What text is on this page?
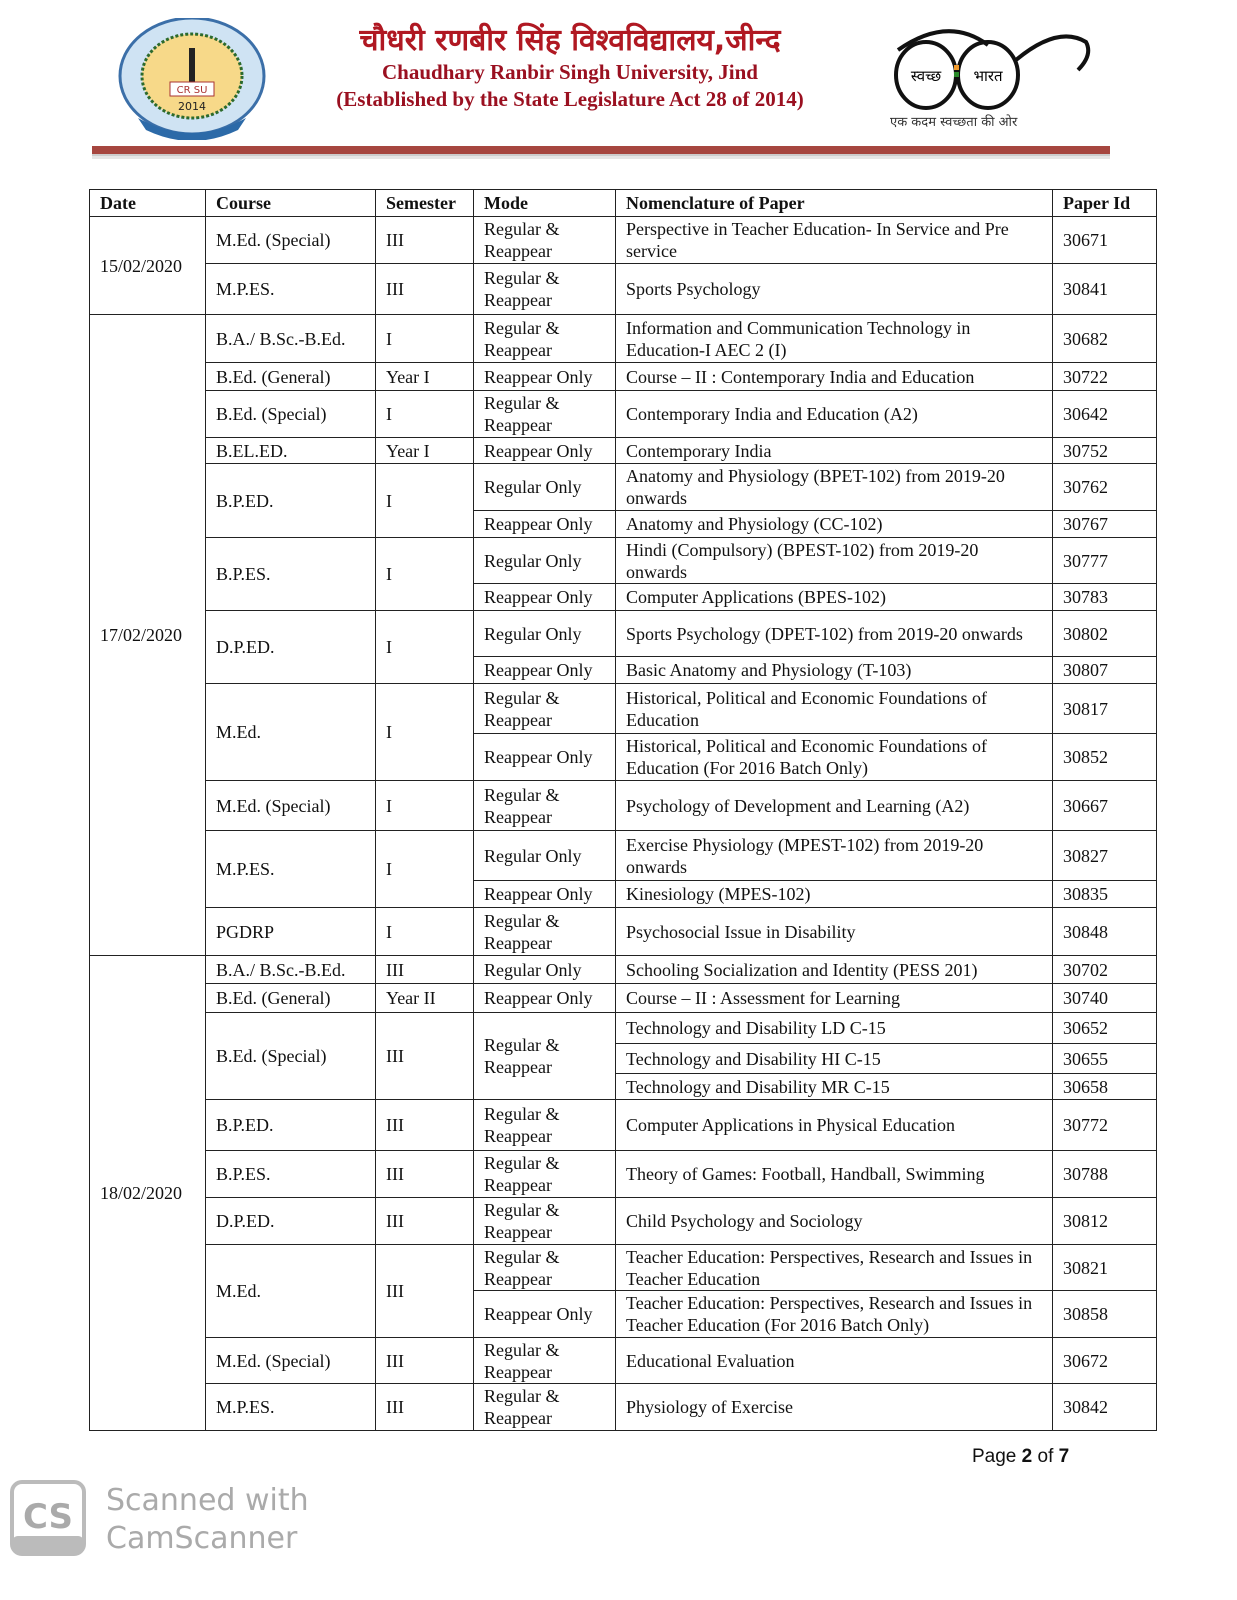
CR SU
2014
चौधरी रणबीर सिंह विश्वविद्यालय,जीन्द
Chaudhary Ranbir Singh University, Jind
(Established by the State Legislature Act 28 of 2014)
स्वच्छ भारत
एक कदम स्वच्छता की ओर
Date	Course	Semester	Mode	Nomenclature of Paper	Paper Id
15/02/2020	M.Ed. (Special)	III	Regular & Reappear	Perspective in Teacher Education- In Service and Pre service	30671
	M.P.ES.	III	Regular & Reappear	Sports Psychology	30841
17/02/2020	B.A./ B.Sc.-B.Ed.	I	Regular & Reappear	Information and Communication Technology in Education-I AEC 2 (I)	30682
	B.Ed. (General)	Year I	Reappear Only	Course – II : Contemporary India and Education	30722
	B.Ed. (Special)	I	Regular & Reappear	Contemporary India and Education (A2)	30642
	B.EL.ED.	Year I	Reappear Only	Contemporary India	30752
	B.P.ED.	I	Regular Only	Anatomy and Physiology (BPET-102) from 2019-20 onwards	30762
			Reappear Only	Anatomy and Physiology (CC-102)	30767
	B.P.ES.	I	Regular Only	Hindi (Compulsory) (BPEST-102) from 2019-20 onwards	30777
			Reappear Only	Computer Applications (BPES-102)	30783
	D.P.ED.	I	Regular Only	Sports Psychology (DPET-102) from 2019-20 onwards	30802
			Reappear Only	Basic Anatomy and Physiology (T-103)	30807
	M.Ed.	I	Regular & Reappear	Historical, Political and Economic Foundations of Education	30817
			Reappear Only	Historical, Political and Economic Foundations of Education (For 2016 Batch Only)	30852
	M.Ed. (Special)	I	Regular & Reappear	Psychology of Development and Learning (A2)	30667
	M.P.ES.	I	Regular Only	Exercise Physiology (MPEST-102) from 2019-20 onwards	30827
			Reappear Only	Kinesiology (MPES-102)	30835
	PGDRP	I	Regular & Reappear	Psychosocial Issue in Disability	30848
18/02/2020	B.A./ B.Sc.-B.Ed.	III	Regular Only	Schooling Socialization and Identity (PESS 201)	30702
	B.Ed. (General)	Year II	Reappear Only	Course – II : Assessment for Learning	30740
	B.Ed. (Special)	III	Regular & Reappear	Technology and Disability LD C-15	30652
				Technology and Disability HI C-15	30655
				Technology and Disability MR C-15	30658
	B.P.ED.	III	Regular & Reappear	Computer Applications in Physical Education	30772
	B.P.ES.	III	Regular & Reappear	Theory of Games: Football, Handball, Swimming	30788
	D.P.ED.	III	Regular & Reappear	Child Psychology and Sociology	30812
	M.Ed.	III	Regular & Reappear	Teacher Education: Perspectives, Research and Issues in Teacher Education	30821
			Reappear Only	Teacher Education: Perspectives, Research and Issues in Teacher Education (For 2016 Batch Only)	30858
	M.Ed. (Special)	III	Regular & Reappear	Educational Evaluation	30672
	M.P.ES.	III	Regular & Reappear	Physiology of Exercise	30842
Page 2 of 7
CS Scanned with
CamScanner
